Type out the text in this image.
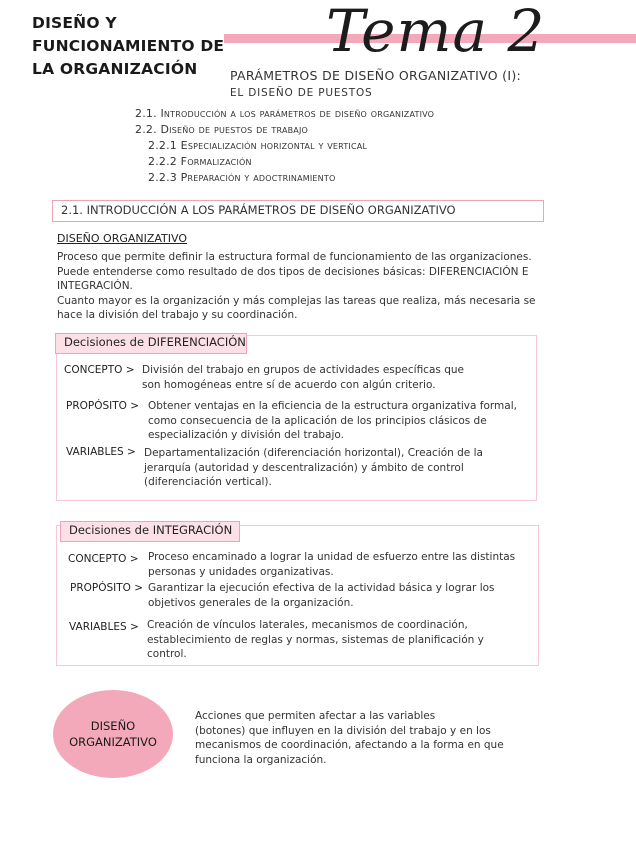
DISEÑO Y
FUNCIONAMIENTO DE
LA ORGANIZACIÓN
Tema 2
PARÁMETROS DE DISEÑO ORGANIZATIVO (I):
EL DISEÑO DE PUESTOS
2.1. Introducción a los parámetros de diseño organizativo
2.2. Diseño de puestos de trabajo
2.2.1 Especialización horizontal y vertical
2.2.2 Formalización
2.2.3 Preparación y adoctrinamiento
2.1. INTRODUCCIÓN A LOS PARÁMETROS DE DISEÑO ORGANIZATIVO
DISEÑO ORGANIZATIVO

Proceso que permite definir la estructura formal de funcionamiento de las organizaciones.

Puede entenderse como resultado de dos tipos de decisiones básicas: DIFERENCIACIÓN E

INTEGRACIÓN.

Cuanto mayor es la organización y más complejas las tareas que realiza, más necesaria se

hace la división del trabajo y su coordinación.

Decisiones de DIFERENCIACIÓN
CONCEPTO > División del trabajo en grupos de actividades específicas que
son homogéneas entre sí de acuerdo con algún criterio.
PROPÓSITO > Obtener ventajas en la eficiencia de la estructura organizativa formal,
como consecuencia de la aplicación de los principios clásicos de
especialización y división del trabajo.
VARIABLES > Departamentalización (diferenciación horizontal), Creación de la
jerarquía (autoridad y descentralización) y ámbito de control
(diferenciación vertical).
Decisiones de INTEGRACIÓN
CONCEPTO > Proceso encaminado a lograr la unidad de esfuerzo entre las distintas
personas y unidades organizativas.
PROPÓSITO > Garantizar la ejecución efectiva de la actividad básica y lograr los
objetivos generales de la organización.
VARIABLES > Creación de vínculos laterales, mecanismos de coordinación,
establecimiento de reglas y normas, sistemas de planificación y
control.
DISEÑO
ORGANIZATIVO
Acciones que permiten afectar a las variables
(botones) que influyen en la división del trabajo y en los
mecanismos de coordinación, afectando a la forma en que
funciona la organización.
